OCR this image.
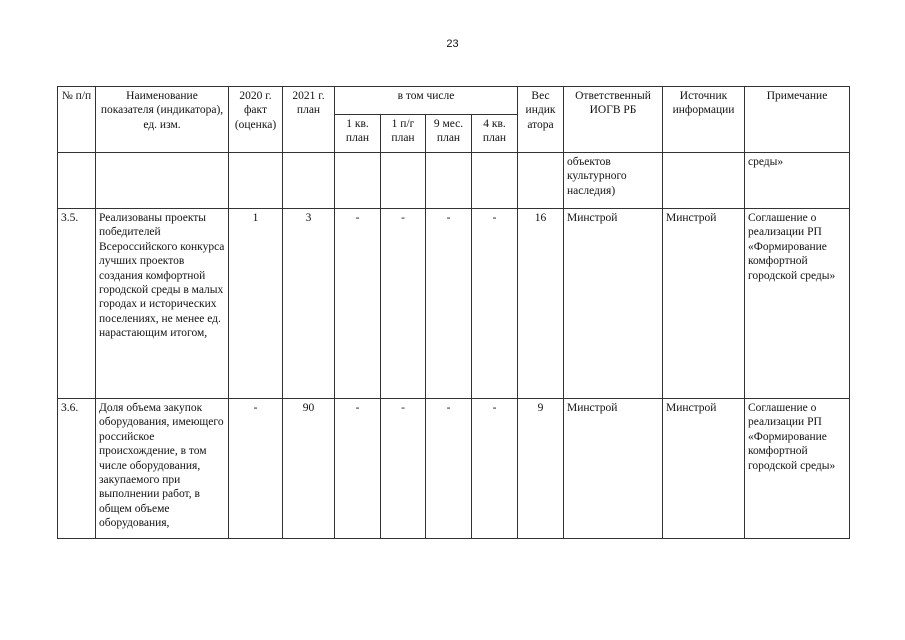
23
№ п/п	Наименование показателя (индикатора), ед. изм.	2020 г. факт (оценка)	2021 г. план	в том числе				Вес индик атора	Ответственный ИОГВ РБ	Источник информации	Примечание
				1 кв. план	1 п/г план	9 мес. план	4 кв. план				
									объектов культурного наследия)		среды»
3.5.	Реализованы проекты победителей Всероссийского конкурса лучших проектов создания комфортной городской среды в малых городах и исторических поселениях, не менее ед. нарастающим итогом,	1	3	-	-	-	-	16	Минстрой	Минстрой	Соглашение о реализации РП «Формирование комфортной городской среды»
3.6.	Доля объема закупок оборудования, имеющего российское происхождение, в том числе оборудования, закупаемого при выполнении работ, в общем объеме оборудования,	-	90	-	-	-	-	9	Минстрой	Минстрой	Соглашение о реализации РП «Формирование комфортной городской среды»
